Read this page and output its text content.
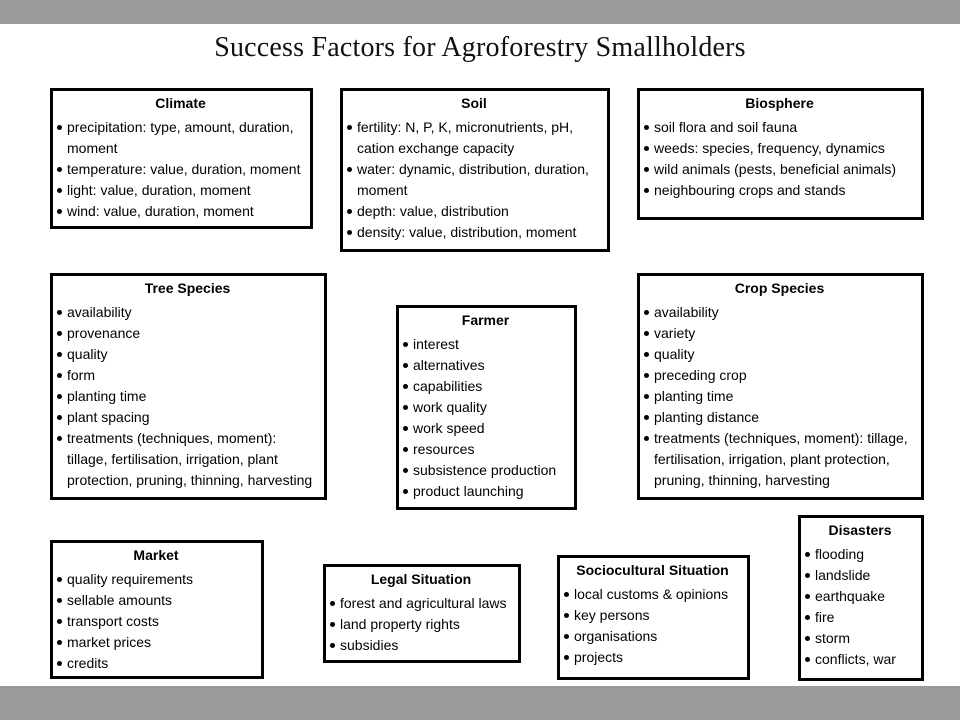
Success Factors for Agroforestry Smallholders
Climate
precipitation: type, amount, duration, moment
temperature: value, duration, moment
light: value, duration, moment
wind: value, duration, moment
Soil
fertility: N, P, K, micronutrients, pH, cation exchange capacity
water: dynamic, distribution, duration, moment
depth: value, distribution
density: value, distribution, moment
Biosphere
soil flora and soil fauna
weeds: species, frequency, dynamics
wild animals (pests, beneficial animals)
neighbouring crops and stands
Tree Species
availability
provenance
quality
form
planting time
plant spacing
treatments (techniques, moment): tillage, fertilisation, irrigation, plant protection, pruning, thinning, harvesting
Farmer
interest
alternatives
capabilities
work quality
work speed
resources
subsistence production
product launching
Crop Species
availability
variety
quality
preceding crop
planting time
planting distance
treatments (techniques, moment): tillage, fertilisation, irrigation, plant protection, pruning, thinning, harvesting
Market
quality requirements
sellable amounts
transport costs
market prices
credits
Legal Situation
forest and agricultural laws
land property rights
subsidies
Sociocultural Situation
local customs & opinions
key persons
organisations
projects
Disasters
flooding
landslide
earthquake
fire
storm
conflicts, war
